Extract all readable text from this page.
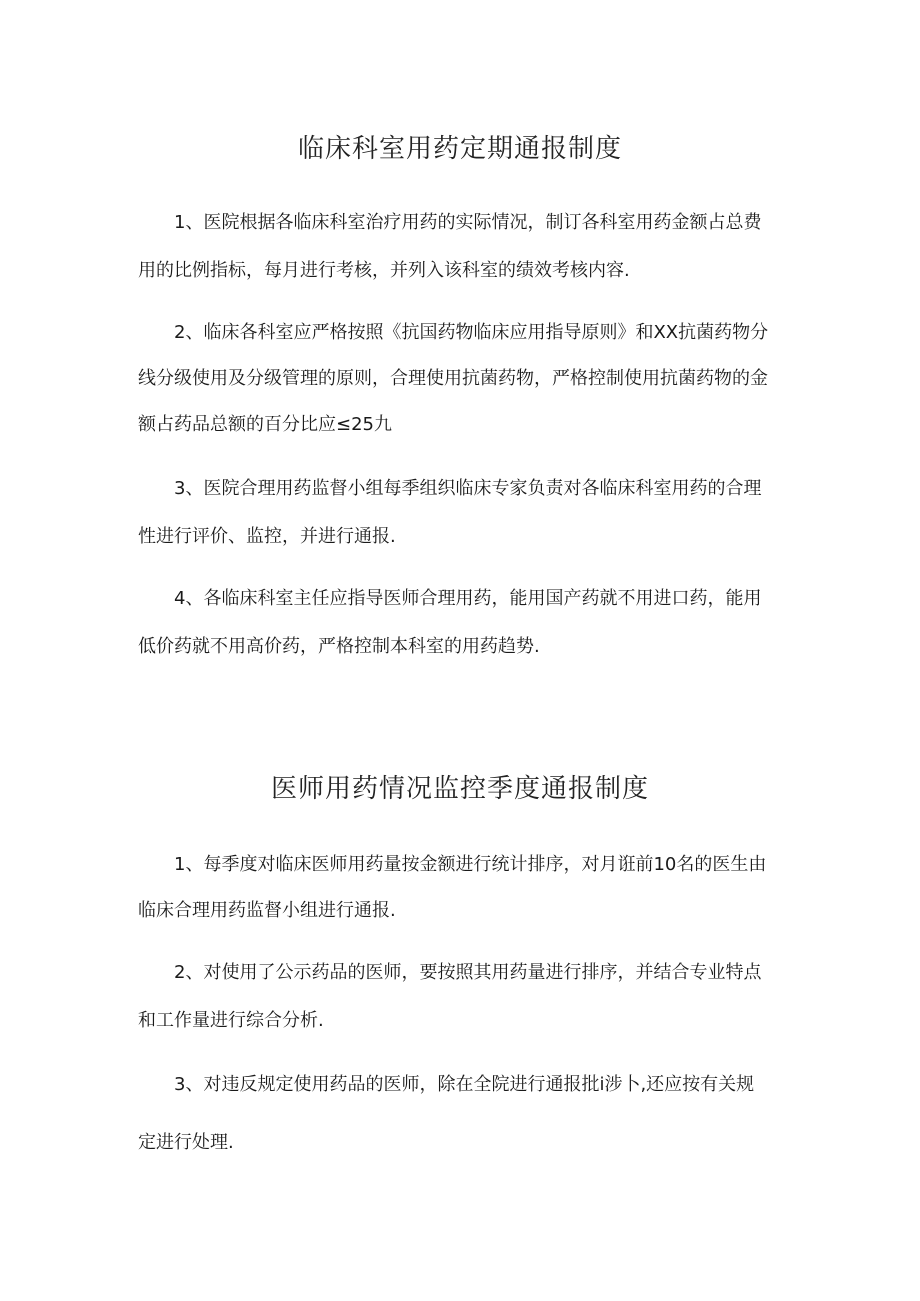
临床科室用药定期通报制度
1、医院根据各临床科室治疗用药的实际情况，制订各科室用药金额占总费
用的比例指标，每月进行考核，并列入该科室的绩效考核内容.
2、临床各科室应严格按照《抗国药物临床应用指导原则》和XX抗菌药物分
线分级使用及分级管理的原则，合理使用抗菌药物，严格控制使用抗菌药物的金
额占药品总额的百分比应≤25九
3、医院合理用药监督小组每季组织临床专家负责对各临床科室用药的合理
性进行评价、监控，并进行通报.
4、各临床科室主任应指导医师合理用药，能用国产药就不用进口药，能用
低价药就不用高价药，严格控制本科室的用药趋势.
医师用药情况监控季度通报制度
1、每季度对临床医师用药量按金额进行统计排序，对月诳前10名的医生由
临床合理用药监督小组进行通报.
2、对使用了公示药品的医师，要按照其用药量进行排序，并结合专业特点
和工作量进行综合分析.
3、对违反规定使用药品的医师，除在全院进行通报批i涉卜,还应按有关规
定进行处理.
